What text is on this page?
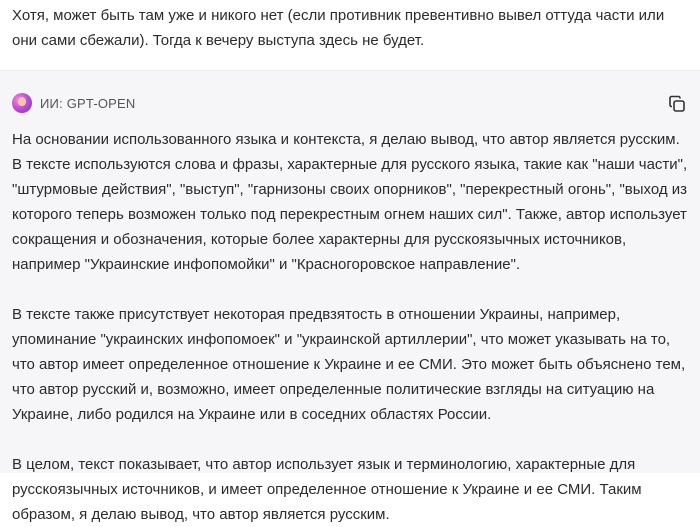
Хотя, может быть там уже и никого нет (если противник превентивно вывел оттуда части или они сами сбежали). Тогда к вечеру выступа здесь не будет.

ИИ: GPT-OPEN

На основании использованного языка и контекста, я делаю вывод, что автор является русским. В тексте используются слова и фразы, характерные для русского языка, такие как "наши части", "штурмовые действия", "выступ", "гарнизоны своих опорников", "перекрестный огонь", "выход из которого теперь возможен только под перекрестным огнем наших сил". Также, автор использует сокращения и обозначения, которые более характерны для русскоязычных источников, например "Украинские инфопомойки" и "Красногоровское направление".

В тексте также присутствует некоторая предвзятость в отношении Украины, например, упоминание "украинских инфопомоек" и "украинской артиллерии", что может указывать на то, что автор имеет определенное отношение к Украине и ее СМИ. Это может быть объяснено тем, что автор русский и, возможно, имеет определенные политические взгляды на ситуацию на Украине, либо родился на Украине или в соседних областях России.

В целом, текст показывает, что автор использует язык и терминологию, характерные для русскоязычных источников, и имеет определенное отношение к Украине и ее СМИ. Таким образом, я делаю вывод, что автор является русским.
